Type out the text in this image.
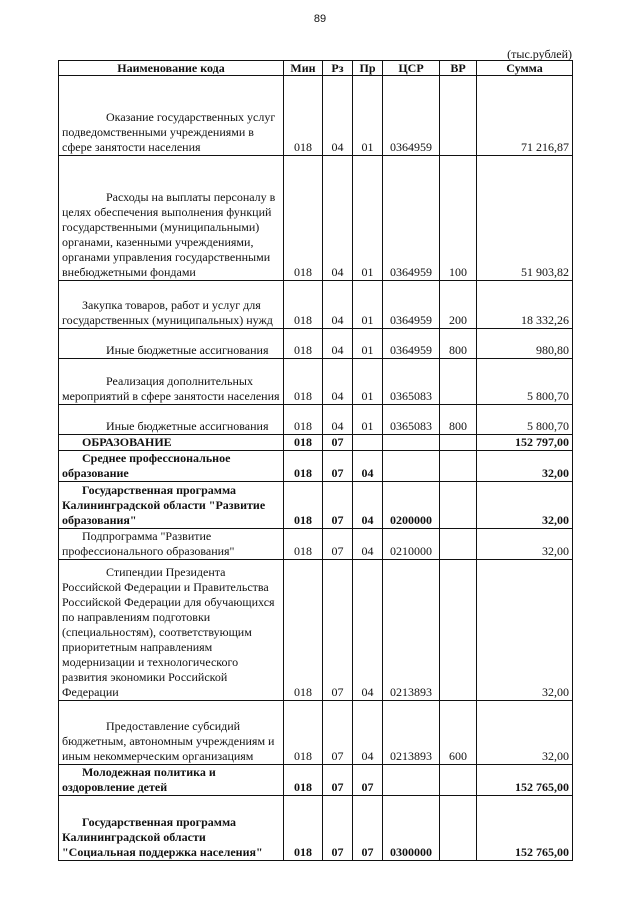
89
(тыс.рублей)
Наименование кода	Мин	Рз	Пр	ЦСР	ВР	Сумма

Оказание государственных услуг подведомственными учреждениями в сфере занятости населения	018	04	01	0364959		71 216,87

Расходы на выплаты персоналу в целях обеспечения выполнения функций государственными (муниципальными) органами, казенными учреждениями, органами управления государственными внебюджетными фондами	018	04	01	0364959	100	51 903,82

Закупка товаров, работ и услуг для государственных (муниципальных) нужд	018	04	01	0364959	200	18 332,26

Иные бюджетные ассигнования	018	04	01	0364959	800	980,80

Реализация дополнительных мероприятий в сфере занятости населения	018	04	01	0365083		5 800,70

Иные бюджетные ассигнования	018	04	01	0365083	800	5 800,70

ОБРАЗОВАНИЕ	018	07				152 797,00

Среднее профессиональное образование	018	07	04			32,00

Государственная программа Калининградской области "Развитие образования"	018	07	04	0200000		32,00

Подпрограмма "Развитие профессионального образования"	018	07	04	0210000		32,00

Стипендии Президента Российской Федерации и Правительства Российской Федерации для обучающихся по направлениям подготовки (специальностям), соответствующим приоритетным направлениям модернизации и технологического развития экономики Российской Федерации	018	07	04	0213893		32,00

Предоставление субсидий бюджетным, автономным учреждениям и иным некоммерческим организациям	018	07	04	0213893	600	32,00

Молодежная политика и оздоровление детей	018	07	07			152 765,00

Государственная программа Калининградской области "Социальная поддержка населения"	018	07	07	0300000		152 765,00
